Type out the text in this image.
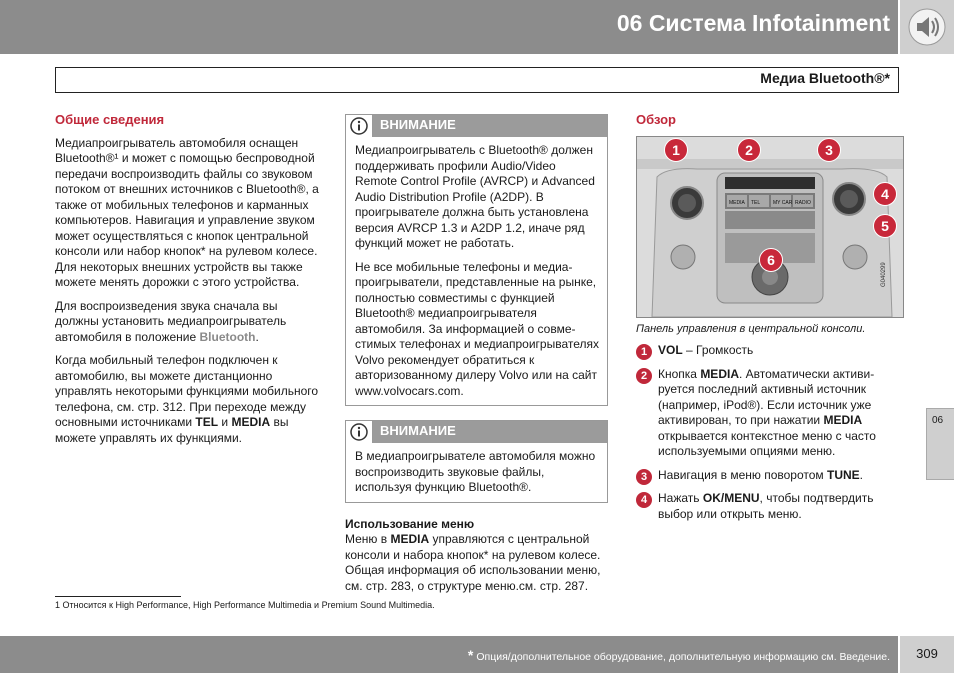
06 Система Infotainment
Медиа Bluetooth®*
Общие сведения

Медиапроигрыватель автомобиля оснащен Bluetooth®¹ и может с помощью беспроводной передачи воспроизводить файлы со звуковом потоком от внешних источников с Bluetooth®, а также от мобильных телефонов и карманных компьютеров. Навигация и управление звуком может осуществляться с кнопок центральной консоли или набор кнопок* на рулевом колесе. Для некоторых внешних устройств вы также можете менять дорожки с этого устройства.

Для воспроизведения звука сначала вы должны установить медиапроигрыватель автомобиля в положение Bluetooth.

Когда мобильный телефон подключен к автомобилю, вы можете дистанционно управлять некоторыми функциями мобильного телефона, см. стр. 312. При переходе между основными источниками TEL и MEDIA вы можете управлять их функциями.

ВНИМАНИЕ

Медиапроигрыватель с Bluetooth® должен поддерживать профили Audio/Video Remote Control Profile (AVRCP) и Advanced Audio Distribution Profile (A2DP). В проигрывателе должна быть установлена версия AVRCP 1.3 и A2DP 1.2, иначе ряд функций может не работать.

Не все мобильные телефоны и медиапроигрыватели, представленные на рынке, полностью совместимы с функцией Bluetooth® медиапроигрывателя автомобиля. За информацией о совместимых телефонах и медиапроигрывателях Volvo рекомендует обратиться к авторизованному дилеру Volvo или на сайт www.volvocars.com.

ВНИМАНИЕ

В медиапроигрывателе автомобиля можно воспроизводить звуковые файлы, используя функцию Bluetooth®.

Использование меню

Меню в MEDIA управляются с центральной консоли и набора кнопок* на рулевом колесе. Общая информация об использовании меню, см. стр. 283, о структуре меню.см. стр. 287.

Обзор
G040299
MEDIA TEL	MY CAR RADIO
1	2	3
4
5
6
Панель управления в центральной консоли.
1 VOL – Громкость
2 Кнопка MEDIA. Автоматически активируется последний активный источник (например, iPod®). Если источник уже активирован, то при нажатии MEDIA открывается контекстное меню с часто используемыми опциями меню.
3 Навигация в меню поворотом TUNE.
4 Нажать OK/MENU, чтобы подтвердить выбор или открыть меню.
06
1 Относится к High Performance, High Performance Multimedia и Premium Sound Multimedia.
* Опция/дополнительное оборудование, дополнительную информацию см. Введение.	309
